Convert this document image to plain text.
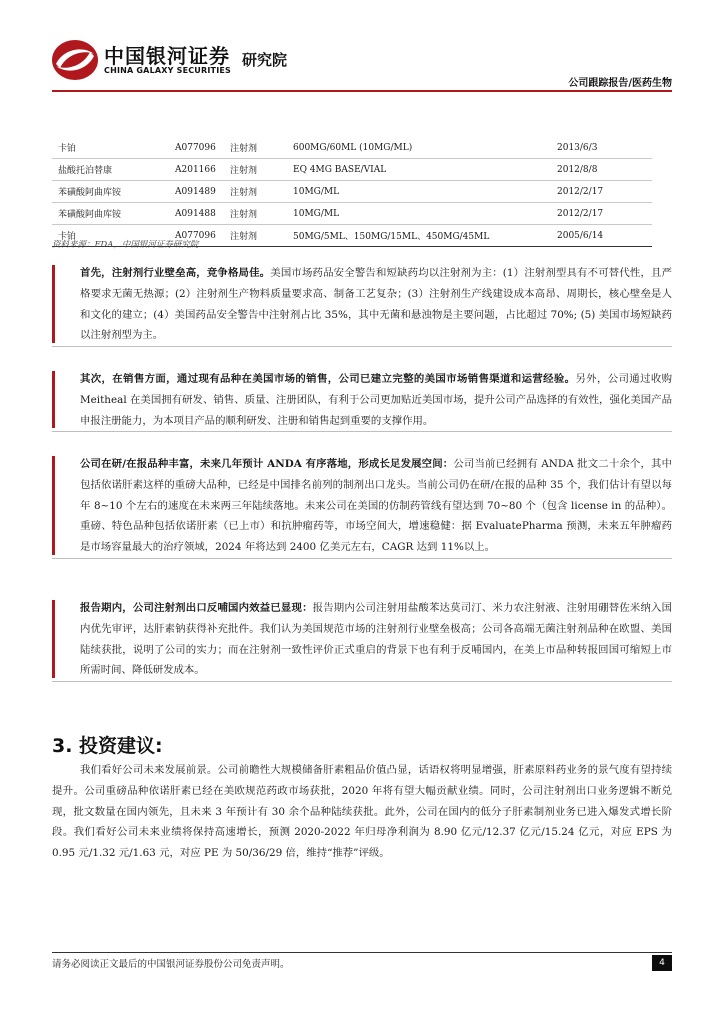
中国银河证券
CHINA GALAXY SECURITIES
研究院
公司跟踪报告/医药生物
卡铂	A077096	注射剂	600MG/60ML (10MG/ML)	2013/6/3
盐酸托泊替康	A201166	注射剂	EQ 4MG BASE/VIAL	2012/8/8
苯磺酸阿曲库铵	A091489	注射剂	10MG/ML	2012/2/17
苯磺酸阿曲库铵	A091488	注射剂	10MG/ML	2012/2/17
卡铂	A077096	注射剂	50MG/5ML、150MG/15ML、450MG/45ML	2005/6/14
资料来源：FDA，中国银河证券研究院

首先，注射剂行业壁垒高，竞争格局佳。美国市场药品安全警告和短缺药均以注射剂为主：(1）注射剂型具有不可替代性，且严格要求无菌无热源；(2）注射剂生产物料质量要求高、制备工艺复杂；(3）注射剂生产线建设成本高昂、周期长，核心壁垒是人和文化的建立；(4）美国药品安全警告中注射剂占比 35%，其中无菌和悬浊物是主要问题，占比超过 70%; (5) 美国市场短缺药以注射剂型为主。

其次，在销售方面，通过现有品种在美国市场的销售，公司已建立完整的美国市场销售渠道和运营经验。另外，公司通过收购 Meitheal 在美国拥有研发、销售、质量、注册团队，有利于公司更加贴近美国市场，提升公司产品选择的有效性，强化美国产品申报注册能力，为本项目产品的顺利研发、注册和销售起到重要的支撑作用。

公司在研/在报品种丰富，未来几年预计 ANDA 有序落地，形成长足发展空间：公司当前已经拥有 ANDA 批文二十余个，其中包括依诺肝素这样的重磅大品种，已经是中国排名前列的制剂出口龙头。当前公司仍在研/在报的品种 35 个，我们估计有望以每年 8~10 个左右的速度在未来两三年陆续落地。未来公司在美国的仿制药管线有望达到 70~80 个（包含 license in 的品种）。重磅、特色品种包括依诺肝素（已上市）和抗肿瘤药等，市场空间大，增速稳健：据 EvaluatePharma 预测，未来五年肿瘤药是市场容量最大的治疗领域，2024 年将达到 2400 亿美元左右，CAGR 达到 11%以上。

报告期内，公司注射剂出口反哺国内效益已显现：报告期内公司注射用盐酸苯达莫司汀、米力农注射液、注射用硼替佐米纳入国内优先审评，达肝素钠获得补充批件。我们认为美国规范市场的注射剂行业壁垒极高；公司各高端无菌注射剂品种在欧盟、美国陆续获批，说明了公司的实力；而在注射剂一致性评价正式重启的背景下也有利于反哺国内，在美上市品种转报回国可缩短上市所需时间、降低研发成本。

3. 投资建议:

我们看好公司未来发展前景。公司前瞻性大规模储备肝素粗品价值凸显，话语权将明显增强，肝素原料药业务的景气度有望持续提升。公司重磅品种依诺肝素已经在美欧规范药政市场获批，2020 年将有望大幅贡献业绩。同时，公司注射剂出口业务逻辑不断兑现，批文数量在国内领先，且未来 3 年预计有 30 余个品种陆续获批。此外，公司在国内的低分子肝素制剂业务已进入爆发式增长阶段。我们看好公司未来业绩将保持高速增长，预测 2020-2022 年归母净利润为 8.90 亿元/12.37 亿元/15.24 亿元，对应 EPS 为 0.95 元/1.32 元/1.63 元，对应 PE 为 50/36/29 倍，维持“推荐”评级。

请务必阅读正文最后的中国银河证券股份公司免责声明。	4
